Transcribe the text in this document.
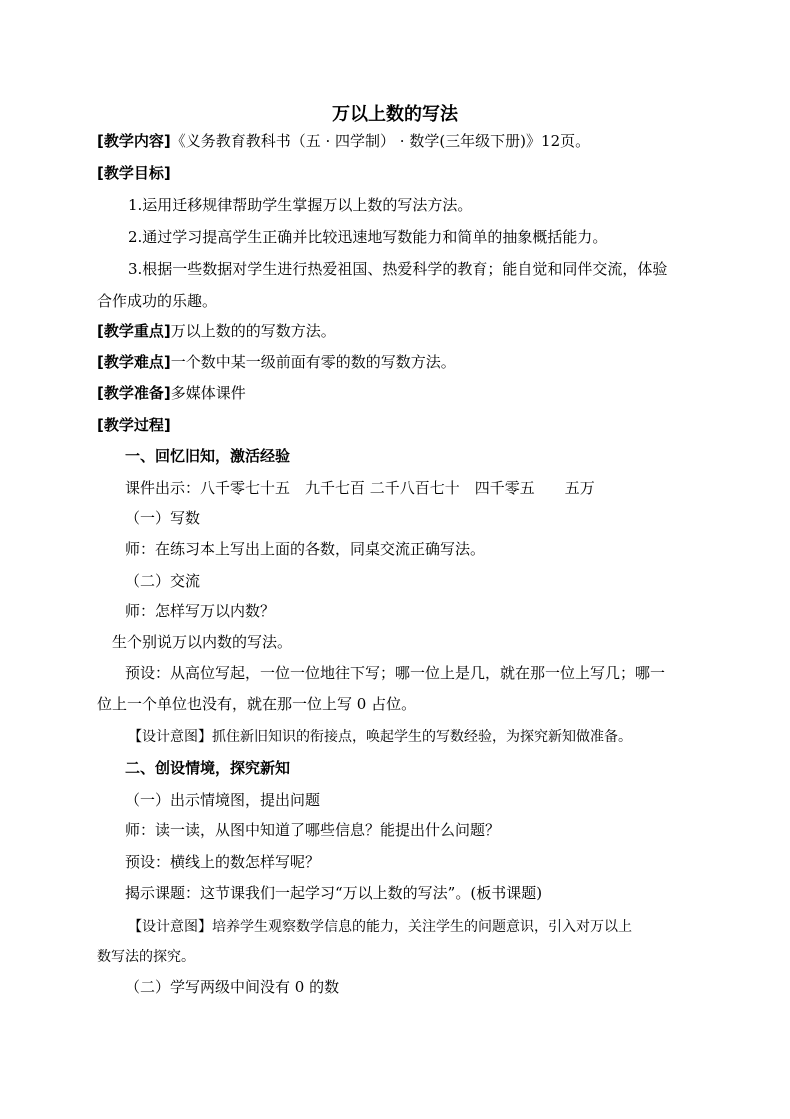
万以上数的写法
[教学内容]《义务教育教科书（五 · 四学制） · 数学(三年级下册)》12页。
[教学目标]
1.运用迁移规律帮助学生掌握万以上数的写法方法。
2.通过学习提高学生正确并比较迅速地写数能力和简单的抽象概括能力。
3.根据一些数据对学生进行热爱祖国、热爱科学的教育；能自觉和同伴交流，体验
合作成功的乐趣。
[教学重点]万以上数的的写数方法。
[教学难点]一个数中某一级前面有零的数的写数方法。
[教学准备]多媒体课件
[教学过程]
一、回忆旧知，激活经验
课件出示：八千零七十五　九千七百 二千八百七十　四千零五　　五万
（一）写数
师：在练习本上写出上面的各数，同桌交流正确写法。
（二）交流
师：怎样写万以内数？
生个别说万以内数的写法。
预设：从高位写起，一位一位地往下写；哪一位上是几，就在那一位上写几；哪一
位上一个单位也没有，就在那一位上写 0 占位。
【设计意图】抓住新旧知识的衔接点，唤起学生的写数经验，为探究新知做准备。
二、创设情境，探究新知
（一）出示情境图，提出问题
师：读一读，从图中知道了哪些信息？能提出什么问题？
预设：横线上的数怎样写呢？
揭示课题：这节课我们一起学习“万以上数的写法”。(板书课题)
【设计意图】培养学生观察数学信息的能力，关注学生的问题意识，引入对万以上
数写法的探究。
（二）学写两级中间没有 0 的数
